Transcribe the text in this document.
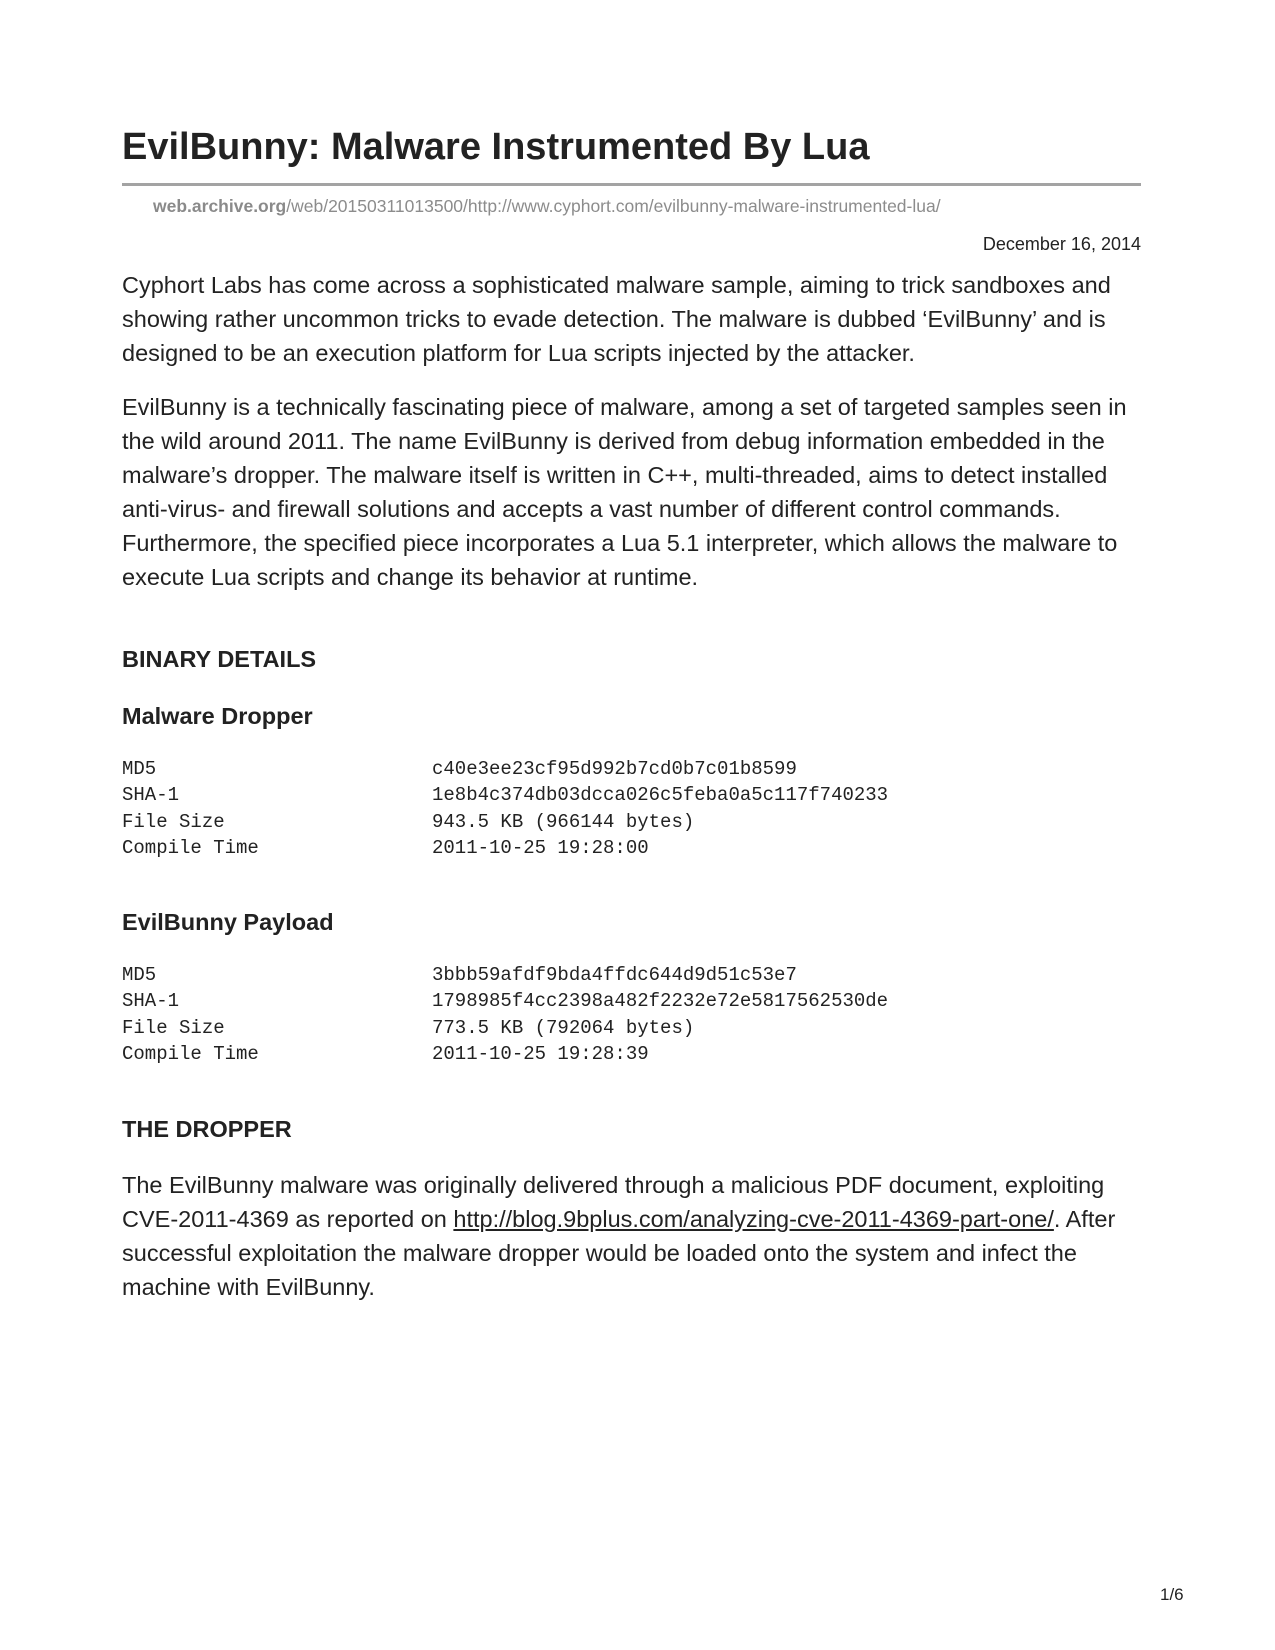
EvilBunny: Malware Instrumented By Lua
web.archive.org/web/20150311013500/http://www.cyphort.com/evilbunny-malware-instrumented-lua/
December 16, 2014

Cyphort Labs has come across a sophisticated malware sample, aiming to trick sandboxes and showing rather uncommon tricks to evade detection. The malware is dubbed ‘EvilBunny’ and is designed to be an execution platform for Lua scripts injected by the attacker.

EvilBunny is a technically fascinating piece of malware, among a set of targeted samples seen in the wild around 2011. The name EvilBunny is derived from debug information embedded in the malware’s dropper. The malware itself is written in C++, multi-threaded, aims to detect installed anti-virus- and firewall solutions and accepts a vast number of different control commands. Furthermore, the specified piece incorporates a Lua 5.1 interpreter, which allows the malware to execute Lua scripts and change its behavior at runtime.

BINARY DETAILS
Malware Dropper
MD5	c40e3ee23cf95d992b7cd0b7c01b8599
SHA-1	1e8b4c374db03dcca026c5feba0a5c117f740233
File Size	943.5 KB (966144 bytes)
Compile Time	2011-10-25 19:28:00
EvilBunny Payload
MD5	3bbb59afdf9bda4ffdc644d9d51c53e7
SHA-1	1798985f4cc2398a482f2232e72e5817562530de
File Size	773.5 KB (792064 bytes)
Compile Time	2011-10-25 19:28:39
THE DROPPER

The EvilBunny malware was originally delivered through a malicious PDF document, exploiting CVE-2011-4369 as reported on http://blog.9bplus.com/analyzing-cve-2011-4369-part-one/. After successful exploitation the malware dropper would be loaded onto the system and infect the machine with EvilBunny.

1/6
